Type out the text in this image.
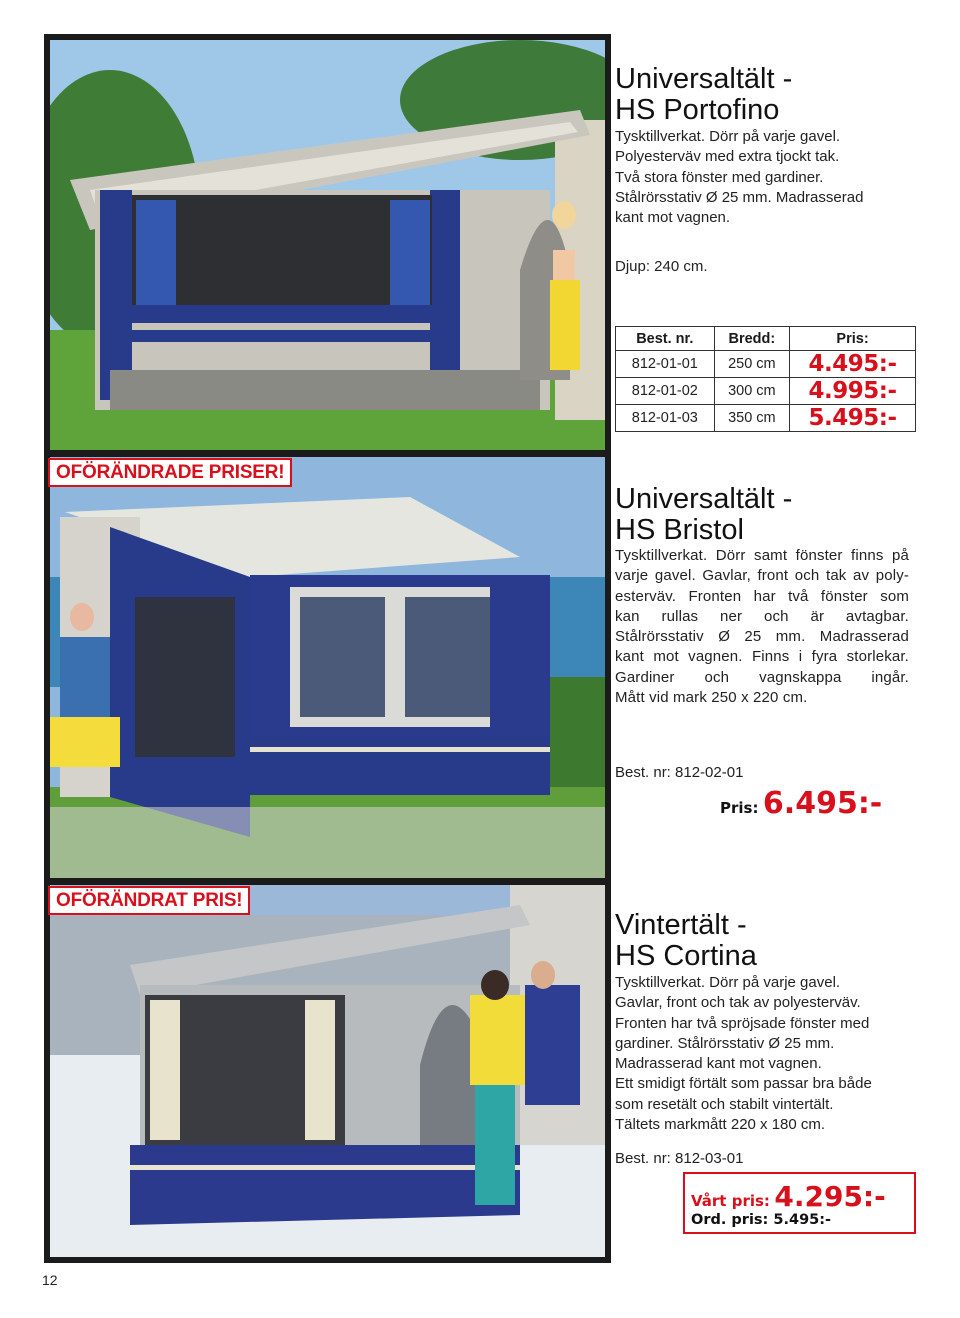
OFÖRÄNDRADE PRISER!
OFÖRÄNDRAT PRIS!
Universaltält -
HS Portofino
Tysktillverkat. Dörr på varje gavel.
Polyesterväv med extra tjockt tak.
Två stora fönster med gardiner.
Stålrörsstativ Ø 25 mm. Madrasserad
kant mot vagnen.
Djup: 240 cm.
Best. nr.	Bredd:	Pris:
812-01-01	250 cm	4.495:-
812-01-02	300 cm	4.995:-
812-01-03	350 cm	5.495:-
Universaltält -
HS Bristol
Tysktillverkat. Dörr samt fönster finns på
varje gavel. Gavlar, front och tak av poly-
esterväv. Fronten har två fönster som
kan rullas ner och är avtagbar.
Stålrörsstativ Ø 25 mm. Madrasserad
kant mot vagnen. Finns i fyra storlekar.
Gardiner och vagnskappa ingår.
Mått vid mark 250 x 220 cm.
Best. nr: 812-02-01
Pris: 6.495:-
Vintertält -
HS Cortina
Tysktillverkat. Dörr på varje gavel.
Gavlar, front och tak av polyesterväv.
Fronten har två spröjsade fönster med
gardiner. Stålrörsstativ Ø 25 mm.
Madrasserad kant mot vagnen.
Ett smidigt förtält som passar bra både
som resetält och stabilt vintertält.
Tältets markmått 220 x 180 cm.
Best. nr: 812-03-01
Vårt pris: 4.295:-
Ord. pris: 5.495:-
12
